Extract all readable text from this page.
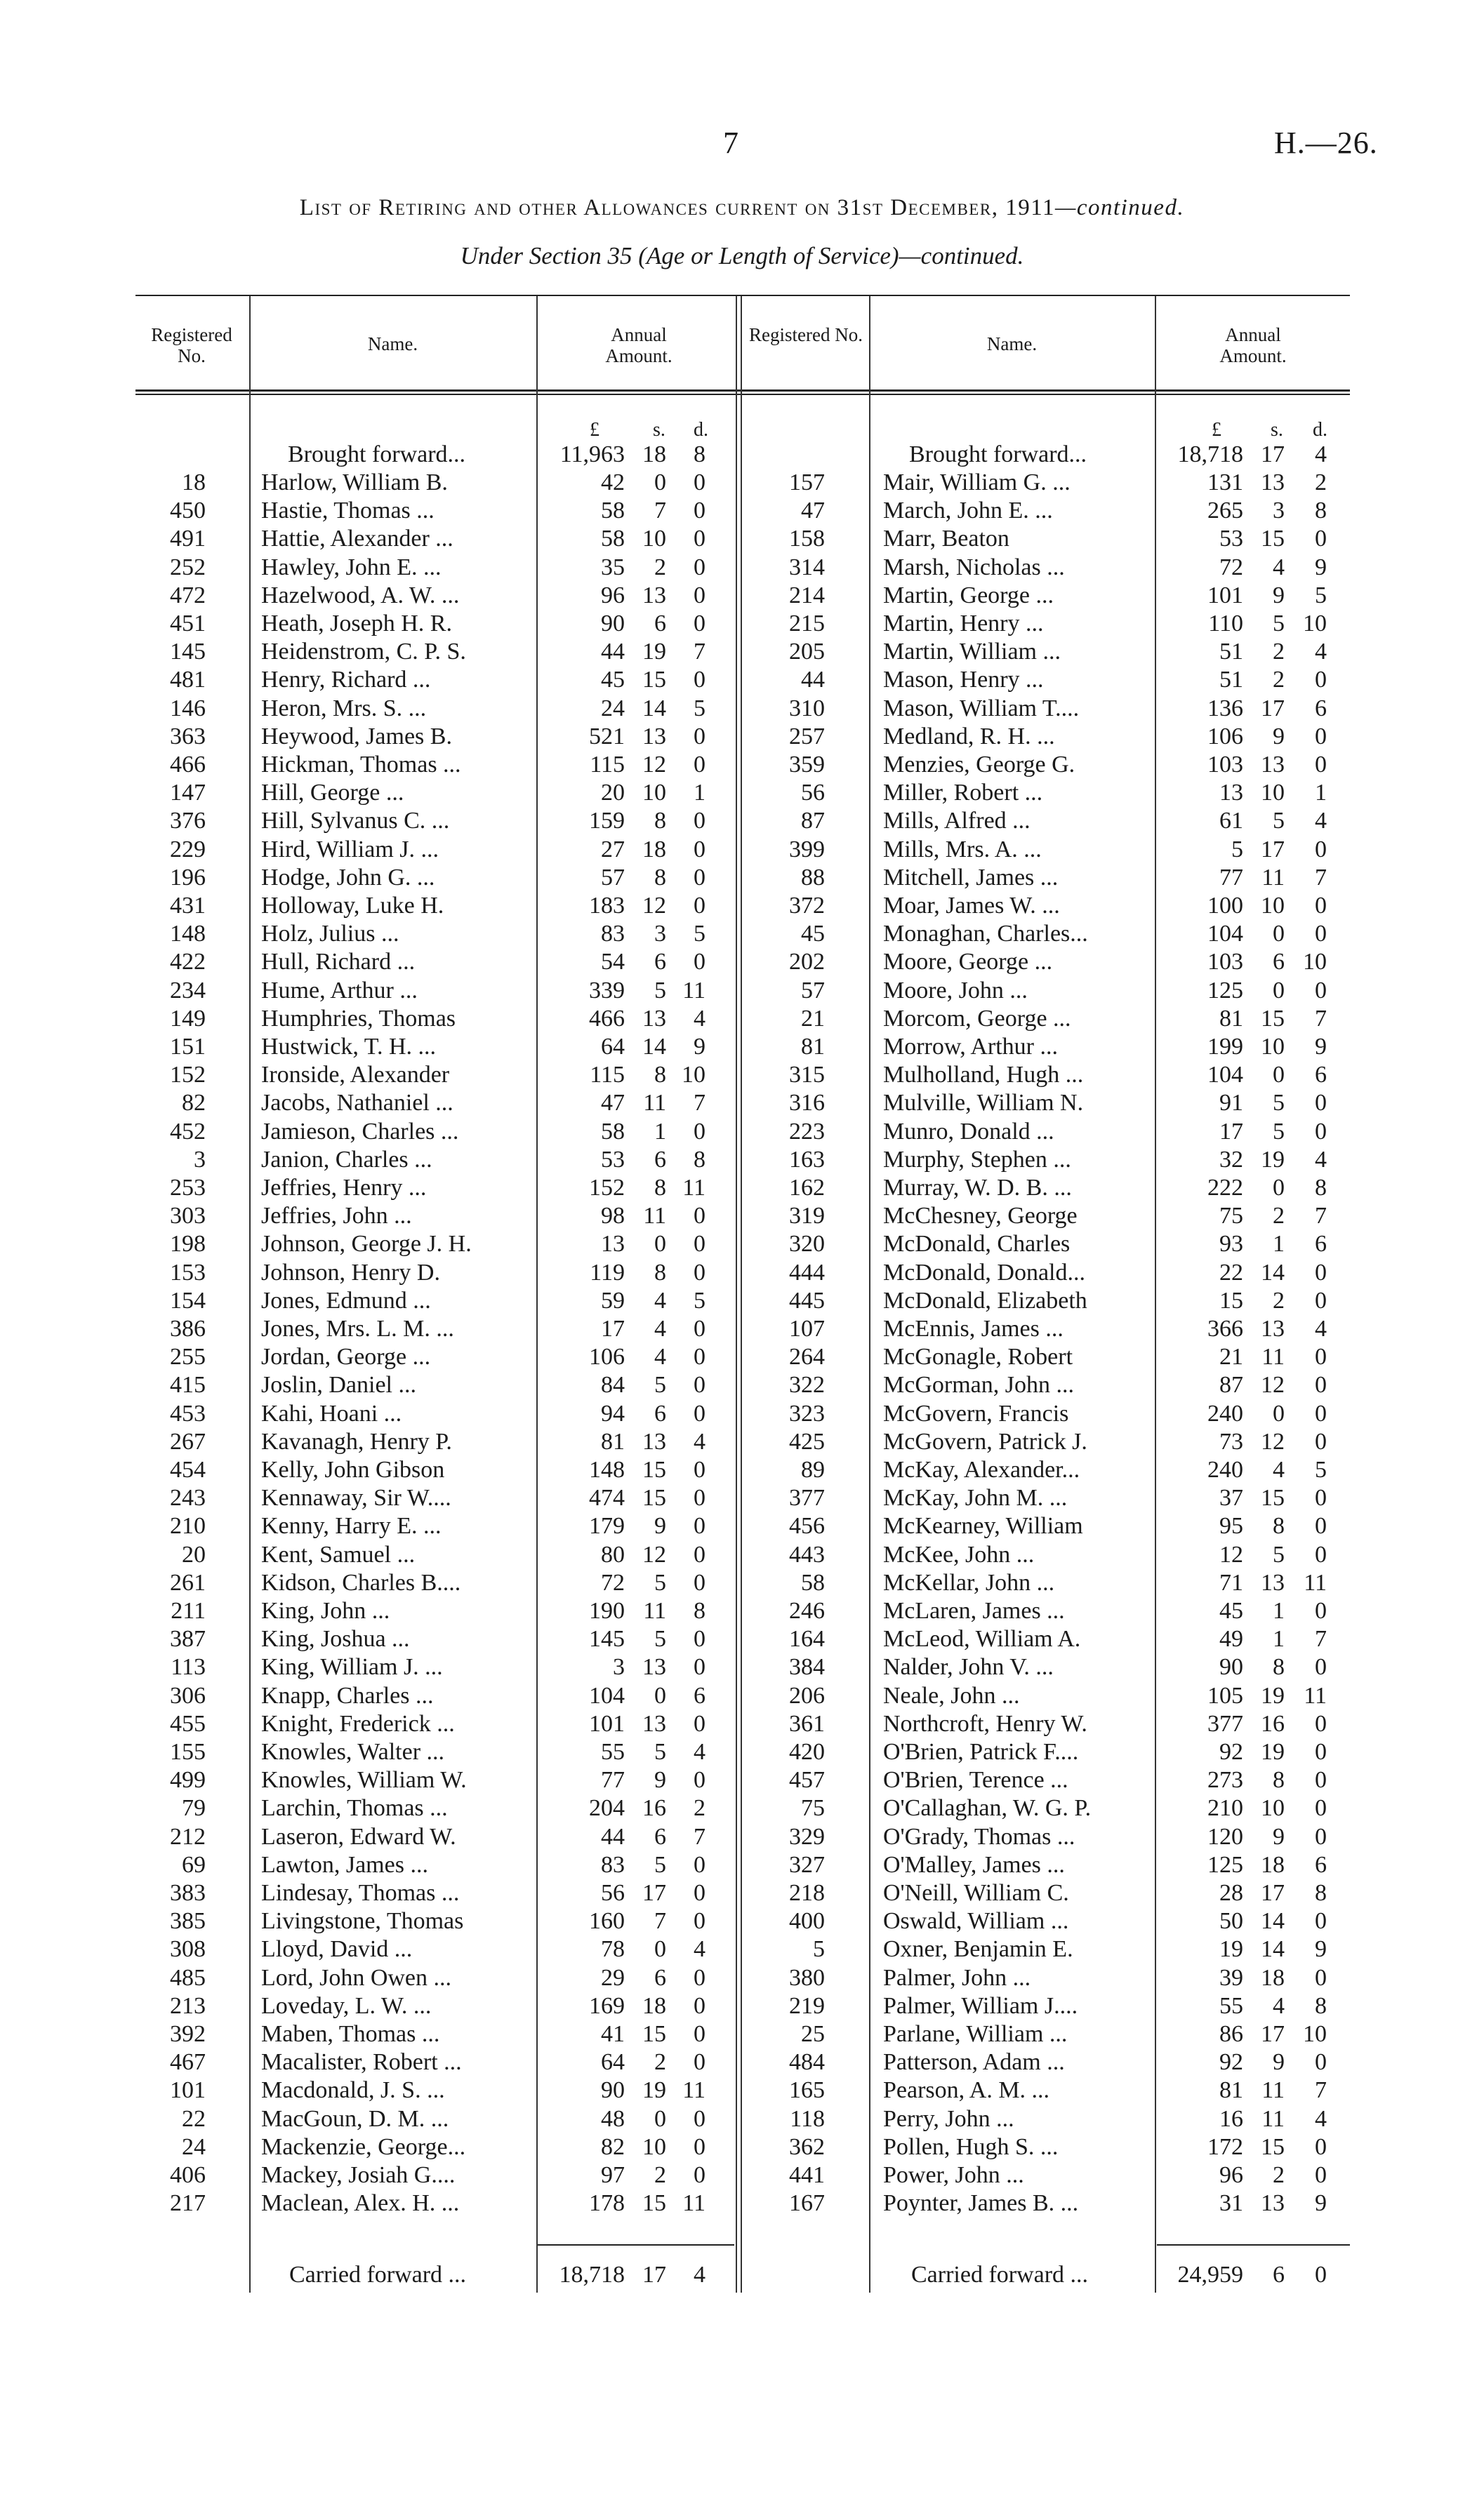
7	H.—26.
List of Retiring and other Allowances current on 31st December, 1911—continued.
Under Section 35 (Age or Length of Service)—continued.
Registered No.
Name.	Annual Amount.
Registered No.	Name.	Annual Amount.
£	s. d.	£	s. d.
Brought forward...	11,963 18	8	Brought forward...	18,718 17	4
18 Harlow, William B.	42	0	0
450 Hastie, Thomas ...	58	7	0
491 Hattie, Alexander ...	58 10	0
252 Hawley, John E. ...	35	2	0
472 Hazelwood, A. W. ...	96 13	0
451 Heath, Joseph H. R.	90	6	0
145 Heidenstrom, C. P. S.	44 19	7
481 Henry, Richard ...	45 15	0
146 Heron, Mrs. S. ...	24 14	5
363 Heywood, James B.	521 13	0
466 Hickman, Thomas ...	115 12	0
147 Hill, George ...	20 10	1
376 Hill, Sylvanus C. ...	159	8	0
229 Hird, William J. ...	27 18	0
196 Hodge, John G. ...	57	8	0
431 Holloway, Luke H.	183 12	0
148 Holz, Julius ...	83	3	5
422 Hull, Richard ...	54	6	0
234 Hume, Arthur ...	339	5 11
149 Humphries, Thomas	466 13	4
151 Hustwick, T. H. ...	64 14	9
152 Ironside, Alexander	115	8 10
82 Jacobs, Nathaniel ...	47 11	7
452 Jamieson, Charles ...	58	1	0
3 Janion, Charles ...	53	6	8
253 Jeffries, Henry ...	152	8 11
303 Jeffries, John ...	98 11	0
198 Johnson, George J. H.	13	0	0
153 Johnson, Henry D.	119	8	0
154 Jones, Edmund ...	59	4	5
386 Jones, Mrs. L. M. ...	17	4	0
255 Jordan, George ...	106	4	0
415 Joslin, Daniel ...	84	5	0
453 Kahi, Hoani ...	94	6	0
267 Kavanagh, Henry P.	81 13	4
454 Kelly, John Gibson	148 15	0
243 Kennaway, Sir W....	474 15	0
210 Kenny, Harry E. ...	179	9	0
20 Kent, Samuel ...	80 12	0
261 Kidson, Charles B....	72	5	0
211 King, John ...	190 11	8
387 King, Joshua ...	145	5	0
113 King, William J. ...	3 13	0
306 Knapp, Charles ...	104	0	6
455 Knight, Frederick ...	101 13	0
155 Knowles, Walter ...	55	5	4
499 Knowles, William W.	77	9	0
79 Larchin, Thomas ...	204 16	2
212 Laseron, Edward W.	44	6	7
69 Lawton, James ...	83	5	0
383 Lindesay, Thomas ...	56 17	0
385 Livingstone, Thomas	160	7	0
308 Lloyd, David ...	78	0	4
485 Lord, John Owen ...	29	6	0
213 Loveday, L. W. ...	169 18	0
392 Maben, Thomas ...	41 15	0
467 Macalister, Robert ...	64	2	0
101 Macdonald, J. S. ...	90 19 11
22 MacGoun, D. M. ...	48	0	0
24 Mackenzie, George...	82 10	0
406 Mackey, Josiah G....	97	2	0
217 Maclean, Alex. H. ...	178 15 11
157 Mair, William G. ...	131 13	2
47 March, John E. ...	265	3	8
158 Marr, Beaton	53 15	0
314 Marsh, Nicholas ...	72	4	9
214 Martin, George ...	101	9	5
215 Martin, Henry ...	110	5 10
205 Martin, William ...	51	2	4
44 Mason, Henry ...	51	2	0
310 Mason, William T....	136 17	6
257 Medland, R. H. ...	106	9	0
359 Menzies, George G.	103 13	0
56 Miller, Robert ...	13 10	1
87 Mills, Alfred ...	61	5	4
399 Mills, Mrs. A. ...	5 17	0
88 Mitchell, James ...	77 11	7
372 Moar, James W. ...	100 10	0
45 Monaghan, Charles...	104	0	0
202 Moore, George ...	103	6 10
57 Moore, John ...	125	0	0
21 Morcom, George ...	81 15	7
81 Morrow, Arthur ...	199 10	9
315 Mulholland, Hugh ...	104	0	6
316 Mulville, William N.	91	5	0
223 Munro, Donald ...	17	5	0
163 Murphy, Stephen ...	32 19	4
162 Murray, W. D. B. ...	222	0	8
319 McChesney, George	75	2	7
320 McDonald, Charles	93	1	6
444 McDonald, Donald...	22 14	0
445 McDonald, Elizabeth	15	2	0
107 McEnnis, James ...	366 13	4
264 McGonagle, Robert	21 11	0
322 McGorman, John ...	87 12	0
323 McGovern, Francis	240	0	0
425 McGovern, Patrick J.	73 12	0
89 McKay, Alexander...	240	4	5
377 McKay, John M. ...	37 15	0
456 McKearney, William	95	8	0
443 McKee, John ...	12	5	0
58 McKellar, John ...	71 13 11
246 McLaren, James ...	45	1	0
164 McLeod, William A.	49	1	7
384 Nalder, John V. ...	90	8	0
206 Neale, John ...	105 19 11
361 Northcroft, Henry W.	377 16	0
420 O'Brien, Patrick F....	92 19	0
457 O'Brien, Terence ...	273	8	0
75 O'Callaghan, W. G. P.	210 10	0
329 O'Grady, Thomas ...	120	9	0
327 O'Malley, James ...	125 18	6
218 O'Neill, William C.	28 17	8
400 Oswald, William ...	50 14	0
5 Oxner, Benjamin E.	19 14	9
380 Palmer, John ...	39 18	0
219 Palmer, William J....	55	4	8
25 Parlane, William ...	86 17 10
484 Patterson, Adam ...	92	9	0
165 Pearson, A. M. ...	81 11	7
118 Perry, John ...	16 11	4
362 Pollen, Hugh S. ...	172 15	0
441 Power, John ...	96	2	0
167 Poynter, James B. ...	31 13	9
Carried forward ...	18,718 17	4	Carried forward ...	24,959	6	0
